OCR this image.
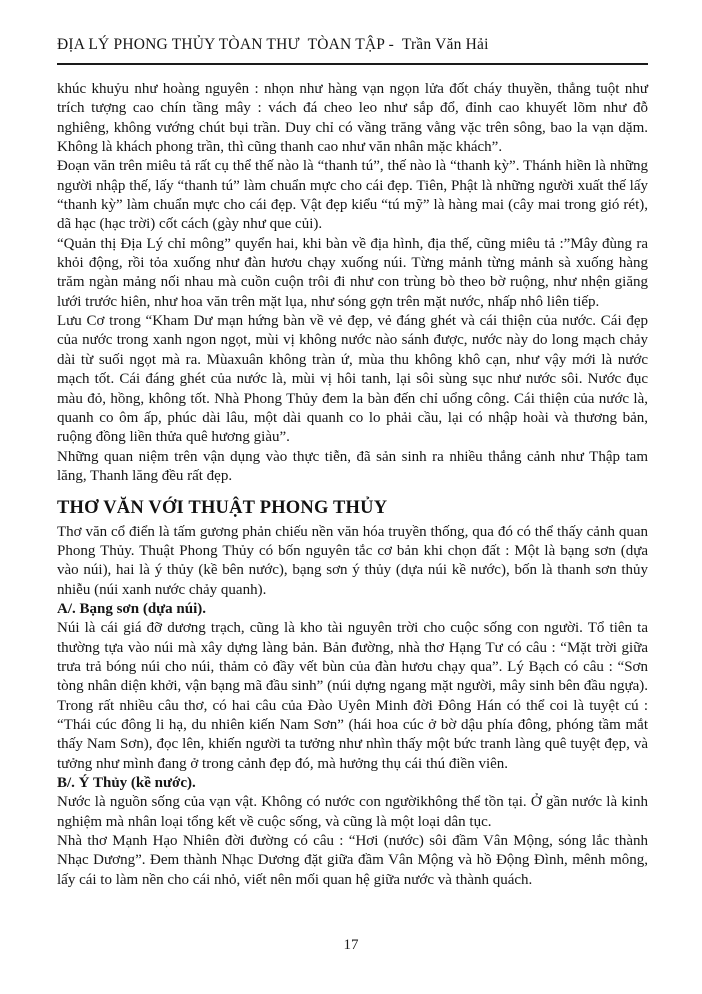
ĐỊA LÝ PHONG THỦY TÒAN THƯ  TÒAN TẬP -  Trần Văn Hải

khúc khuỷu như hoàng nguyên : nhọn như hàng vạn ngọn lửa đốt cháy thuyền, thẳng tuột như trích tượng cao chín tầng mây : vách đá cheo leo như sắp đổ, đỉnh cao khuyết lõm như đỗ nghiêng, không vướng chút bụi trần. Duy chỉ có vầng trăng vằng vặc trên sông, bao la vạn dặm. Không là khách phong trần, thì cũng thanh cao như văn nhân mặc khách”.

Đoạn văn trên miêu tả rất cụ thể thế nào là “thanh tú”, thế nào là “thanh kỳ”. Thánh hiền là những người nhập thế, lấy “thanh tú” làm chuẩn mực cho cái đẹp. Tiên, Phật là những người xuất thế lấy “thanh kỳ” làm chuẩn mực cho cái đẹp. Vật đẹp kiểu “tú mỹ” là hàng mai (cây mai trong gió rét), dã hạc (hạc trời) cốt cách (gày như que củi).

“Quản thị Địa Lý chỉ mông” quyển hai, khi bàn về địa hình, địa thế, cũng miêu tả :”Mây đùng ra khỏi động, rồi tỏa xuống như đàn hươu chạy xuống núi. Từng mảnh từng mảnh sà xuống hàng trăm ngàn mảng nối nhau mà cuồn cuộn trôi đi như con trùng bò theo bờ ruộng, như nhện giăng lưới trước hiên, như hoa văn trên mặt lụa, như sóng gợn trên mặt nước, nhấp nhô liên tiếp.

Lưu Cơ trong “Kham Dư mạn hứng bàn về vẻ đẹp, vẻ đáng ghét và cái thiện của nước. Cái đẹp của nước trong xanh ngon ngọt, mùi vị không nước nào sánh được, nước này do long mạch chảy dài từ suối ngọt mà ra. Mùaxuân không tràn ứ, mùa thu không khô cạn, như vậy mới là nước mạch tốt. Cái đáng ghét của nước là, mùi vị hôi tanh, lại sôi sùng sục như nước sôi. Nước đục màu đỏ, hồng, không tốt. Nhà Phong Thủy đem la bàn đến chỉ uổng công. Cái thiện của nước là, quanh co ôm ấp, phúc dài lâu, một dài quanh co lo phải cầu, lại có nhập hoài và thương bản, ruộng đồng liền thửa quê hương giàu”.

Những quan niệm trên vận dụng vào thực tiễn, đã sản sinh ra nhiều thắng cảnh như Thập tam lăng, Thanh lăng đều rất đẹp.

THƠ VĂN VỚI THUẬT PHONG THỦY

Thơ văn cổ điển là tấm gương phản chiếu nền văn hóa truyền thống, qua đó có thể thấy cảnh quan Phong Thủy. Thuật Phong Thủy có bốn nguyên tắc cơ bản khi chọn đất : Một là bạng sơn (dựa vào núi), hai là ý thủy (kề bên nước), bạng sơn ý thủy (dựa núi kề nước), bốn là thanh sơn thủy nhiễu (núi xanh nước chảy quanh).

A/. Bạng sơn (dựa núi).

Núi là cái giá đỡ dương trạch, cũng là kho tài nguyên trời cho cuộc sống con người. Tổ tiên ta thường tựa vào núi mà xây dựng làng bản. Bản đường, nhà thơ Hạng Tư có câu : “Mặt trời giữa trưa trả bóng núi cho núi, thảm cỏ đầy vết bùn của đàn hươu chạy qua”. Lý Bạch có câu : “Sơn tòng nhân diện khởi, vận bạng mã đầu sinh” (núi dựng ngang mặt người, mây sinh bên đầu ngựa). Trong rất nhiều câu thơ, có hai câu của Đào Uyên Minh đời Đông Hán có thể coi là tuyệt cú : “Thái cúc đông li hạ, du nhiên kiến Nam Sơn” (hái hoa cúc ở bờ dậu phía đông, phóng tầm mắt thấy Nam Sơn), đọc lên, khiến người ta tưởng như nhìn thấy một bức tranh làng quê tuyệt đẹp, và tưởng như mình đang ở trong cảnh đẹp đó, mà hưởng thụ cái thú điền viên.

B/. Ý Thủy (kề nước).

Nước là nguồn sống của vạn vật. Không có nước con ngườikhông thể tồn tại. Ở gần nước là kinh nghiệm mà nhân loại tổng kết về cuộc sống, và cũng là một loại dân tục.

Nhà thơ Mạnh Hạo Nhiên đời đường có câu : “Hơi (nước) sôi đầm Vân Mộng, sóng lắc thành Nhạc Dương”. Đem thành Nhạc Dương đặt giữa đầm Vân Mộng và hồ Động Đình, mênh mông, lấy cái to làm nền cho cái nhỏ, viết nên mối quan hệ giữa nước và thành quách.

17
